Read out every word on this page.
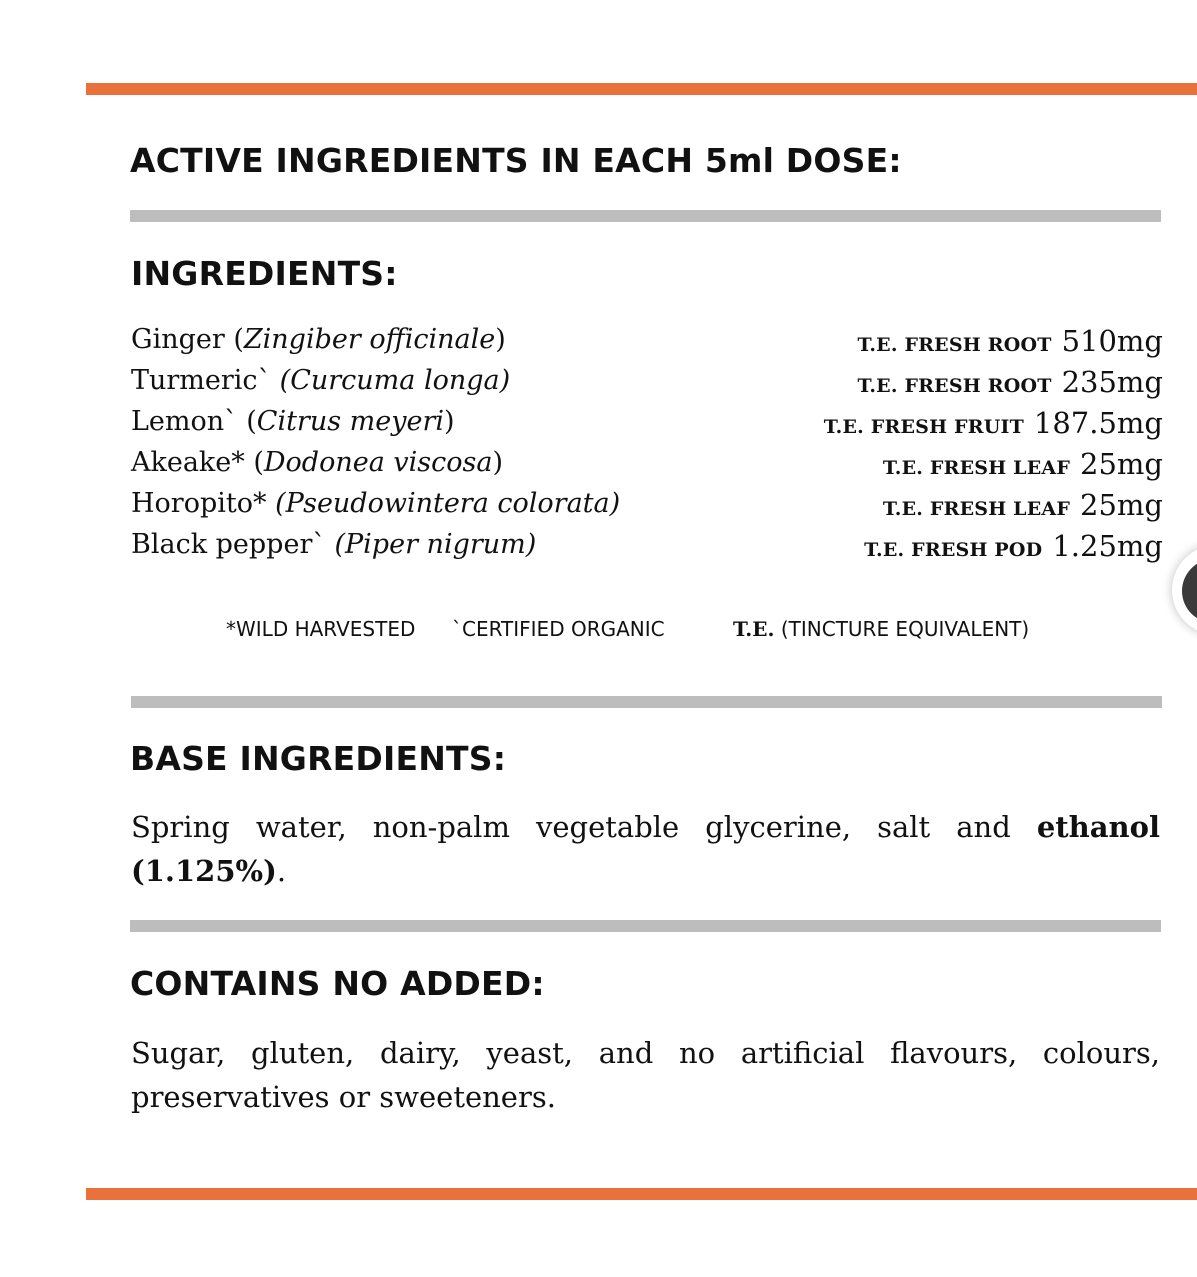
ACTIVE INGREDIENTS IN EACH 5ml DOSE:
INGREDIENTS:
Ginger (Zingiber officinale)	T.E. FRESH ROOT 510mg
Turmeric` (Curcuma longa)	T.E. FRESH ROOT 235mg
Lemon` (Citrus meyeri)	T.E. FRESH FRUIT 187.5mg
Akeake* (Dodonea viscosa)	T.E. FRESH LEAF 25mg
Horopito* (Pseudowintera colorata)	T.E. FRESH LEAF 25mg
Black pepper` (Piper nigrum)	T.E. FRESH POD 1.25mg
*WILD HARVESTED `CERTIFIED ORGANIC	T.E. (TINCTURE EQUIVALENT)
BASE INGREDIENTS:

Spring water, non-palm vegetable glycerine, salt and ethanol (1.125%).

CONTAINS NO ADDED:

Sugar, gluten, dairy, yeast, and no artificial flavours, colours, preservatives or sweeteners.
